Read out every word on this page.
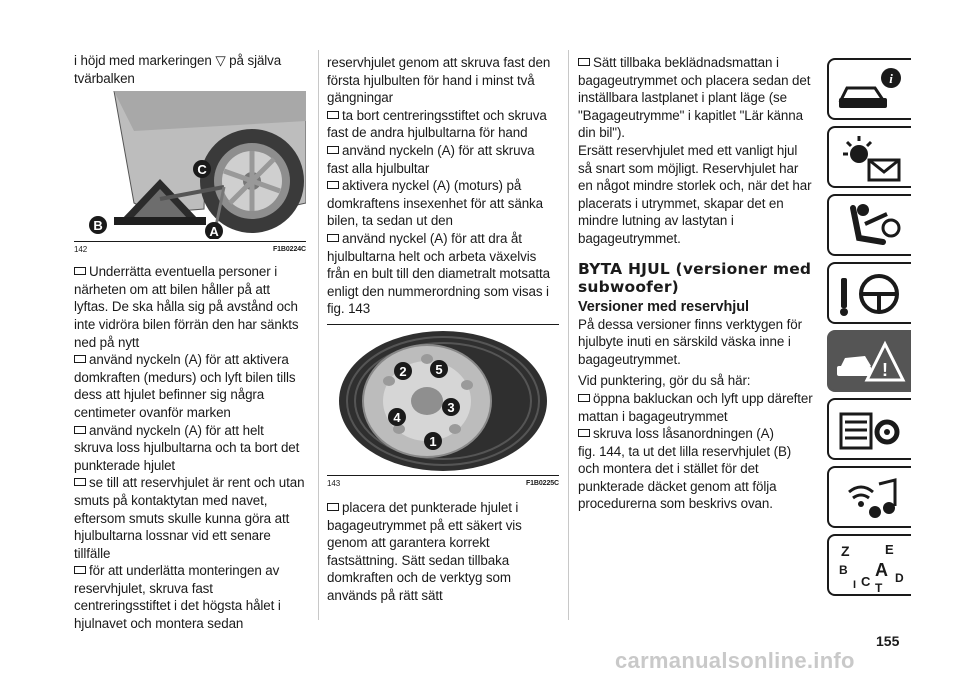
i höjd med markeringen ▽ på själva tvärbalken
C
B	A
142	F1B0224C
Underrätta eventuella personer i närheten om att bilen håller på att lyftas. De ska hålla sig på avstånd och inte vidröra bilen förrän den har sänkts ned på nytt
använd nyckeln (A) för att aktivera domkraften (medurs) och lyft bilen tills dess att hjulet befinner sig några centimeter ovanför marken
använd nyckeln (A) för att helt skruva loss hjulbultarna och ta bort det punkterade hjulet
se till att reservhjulet är rent och utan smuts på kontaktytan med navet, eftersom smuts skulle kunna göra att hjulbultarna lossnar vid ett senare tillfälle
för att underlätta monteringen av reservhjulet, skruva fast centreringsstiftet i det högsta hålet i hjulnavet och montera sedan
reservhjulet genom att skruva fast den första hjulbulten för hand i minst två gängningar
ta bort centreringsstiftet och skruva fast de andra hjulbultarna för hand
använd nyckeln (A) för att skruva fast alla hjulbultar
aktivera nyckel (A) (moturs) på domkraftens insexenhet för att sänka bilen, ta sedan ut den
använd nyckel (A) för att dra åt hjulbultarna helt och arbeta växelvis från en bult till den diametralt motsatta enligt den nummerordning som visas i fig. 143
2 5
3
4
1
143	F1B0225C
placera det punkterade hjulet i bagageutrymmet på ett säkert vis genom att garantera korrekt fastsättning. Sätt sedan tillbaka domkraften och de verktyg som används på rätt sätt
Sätt tillbaka beklädnadsmattan i bagageutrymmet och placera sedan det inställbara lastplanet i plant läge (se "Bagageutrymme" i kapitlet "Lär känna din bil").
Ersätt reservhjulet med ett vanligt hjul så snart som möjligt. Reservhjulet har en något mindre storlek och, när det har placerats i utrymmet, skapar det en mindre lutning av lastytan i bagageutrymmet.
BYTA HJUL (versioner med subwoofer)
Versioner med reservhjul
På dessa versioner finns verktygen för hjulbyte inuti en särskild väska inne i bagageutrymmet.
Vid punktering, gör du så här:
öppna bakluckan och lyft upp därefter mattan i bagageutrymmet
skruva loss låsanordningen (A)
fig. 144, ta ut det lilla reservhjulet (B) och montera det i stället för det punkterade däcket genom att följa procedurerna som beskrivs ovan.
i
!
Z	E
B A
I C T
D
155
carmanualsonline.info
